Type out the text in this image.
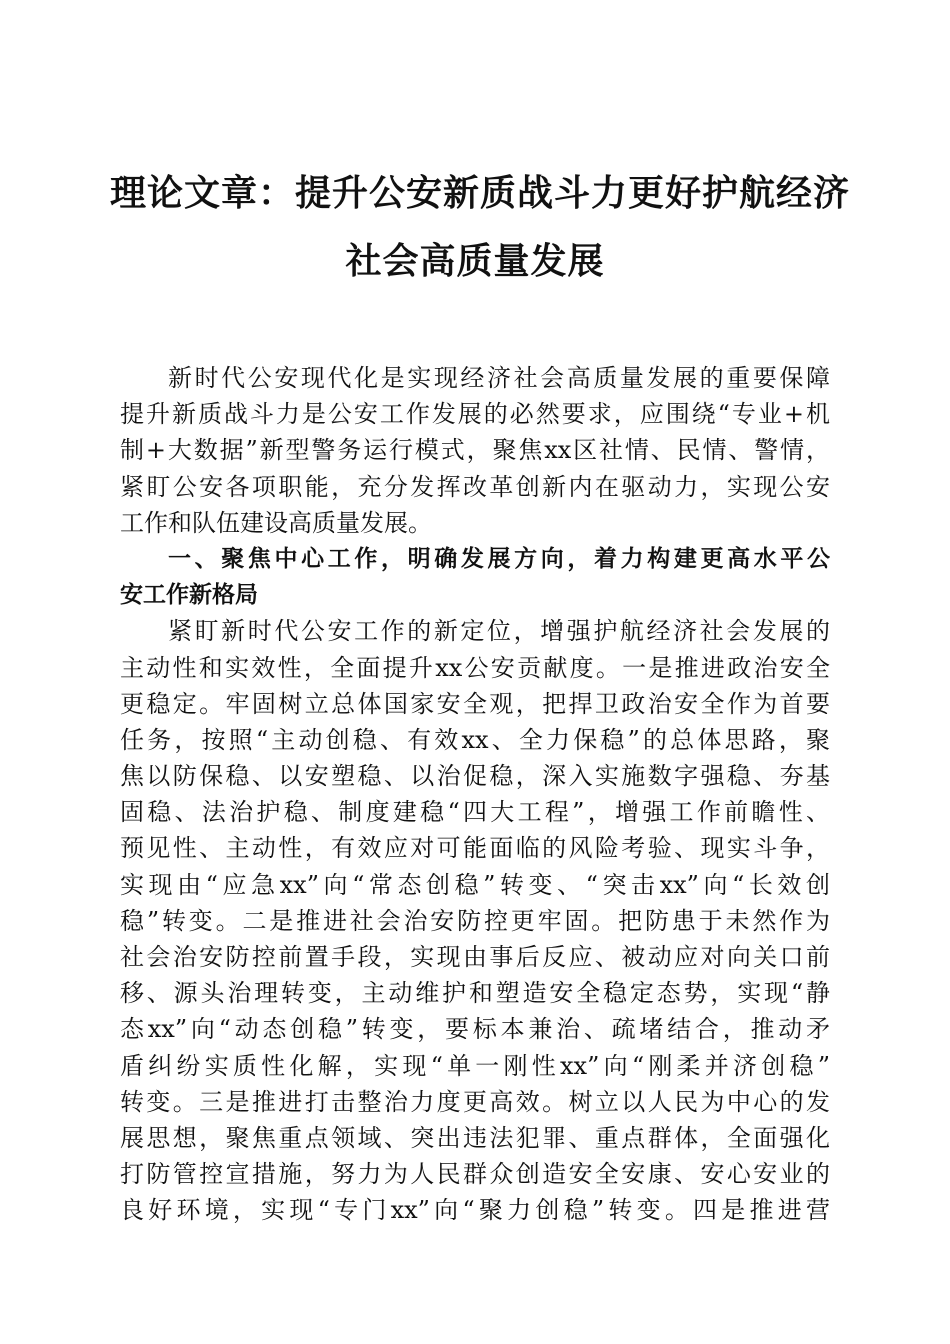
理论文章：提升公安新质战斗力更好护航经济
社会高质量发展
新时代公安现代化是实现经济社会高质量发展的重要保障
提升新质战斗力是公安工作发展的必然要求，应围绕“专业+机
制+大数据”新型警务运行模式，聚焦xx区社情、民情、警情，
紧盯公安各项职能，充分发挥改革创新内在驱动力，实现公安
工作和队伍建设高质量发展。
一、聚焦中心工作，明确发展方向，着力构建更高水平公
安工作新格局
紧盯新时代公安工作的新定位，增强护航经济社会发展的
主动性和实效性，全面提升xx公安贡献度。一是推进政治安全
更稳定。牢固树立总体国家安全观，把捍卫政治安全作为首要
任务，按照“主动创稳、有效xx、全力保稳”的总体思路，聚
焦以防保稳、以安塑稳、以治促稳，深入实施数字强稳、夯基
固稳、法治护稳、制度建稳“四大工程”，增强工作前瞻性、
预见性、主动性，有效应对可能面临的风险考验、现实斗争，
实现由“应急xx”向“常态创稳”转变、“突击xx”向“长效创
稳”转变。二是推进社会治安防控更牢固。把防患于未然作为
社会治安防控前置手段，实现由事后反应、被动应对向关口前
移、源头治理转变，主动维护和塑造安全稳定态势，实现“静
态xx”向“动态创稳”转变，要标本兼治、疏堵结合，推动矛
盾纠纷实质性化解，实现“单一刚性xx”向“刚柔并济创稳”
转变。三是推进打击整治力度更高效。树立以人民为中心的发
展思想，聚焦重点领域、突出违法犯罪、重点群体，全面强化
打防管控宣措施，努力为人民群众创造安全安康、安心安业的
良好环境，实现“专门xx”向“聚力创稳”转变。四是推进营
